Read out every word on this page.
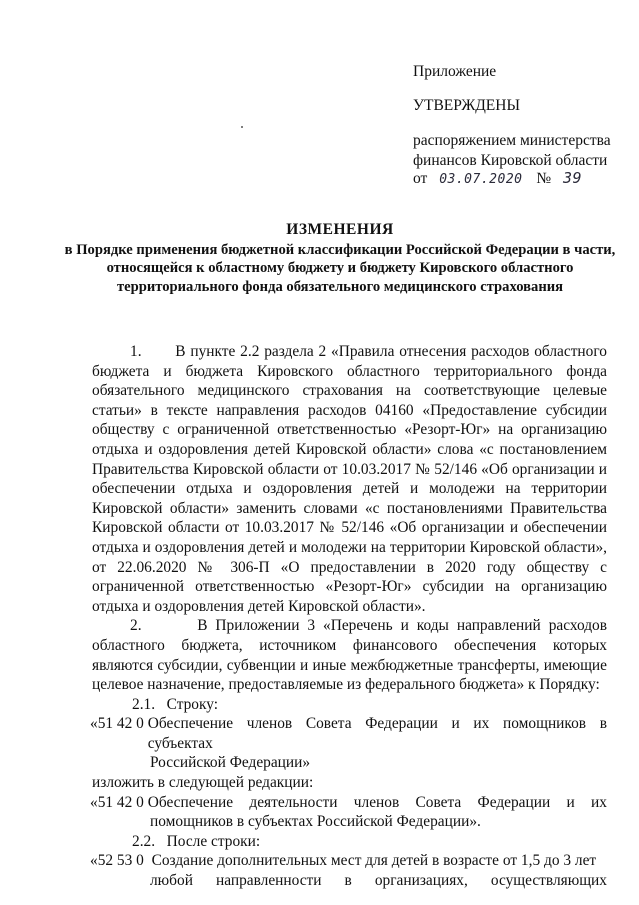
Приложение
УТВЕРЖДЕНЫ
распоряжением министерства
финансов Кировской области
от 03.07.2020 № 39
ИЗМЕНЕНИЯ
в Порядке применения бюджетной классификации Российской Федерации в части, относящейся к областному бюджету и бюджету Кировского областного территориального фонда обязательного медицинского страхования

1. В пункте 2.2 раздела 2 «Правила отнесения расходов областного бюджета и бюджета Кировского областного территориального фонда обязательного медицинского страхования на соответствующие целевые статьи» в тексте направления расходов 04160 «Предоставление субсидии обществу с ограниченной ответственностью «Резорт-Юг» на организацию отдыха и оздоровления детей Кировской области» слова «с постановлением Правительства Кировской области от 10.03.2017 № 52/146 «Об организации и обеспечении отдыха и оздоровления детей и молодежи на территории Кировской области» заменить словами «с постановлениями Правительства Кировской области от 10.03.2017 № 52/146 «Об организации и обеспечении отдыха и оздоровления детей и молодежи на территории Кировской области», от 22.06.2020 № 306-П «О предоставлении в 2020 году обществу с ограниченной ответственностью «Резорт-Юг» субсидии на организацию отдыха и оздоровления детей Кировской области».

2.	В Приложении 3 «Перечень и коды направлений расходов областного бюджета, источником финансового обеспечения которых являются субсидии, субвенции и иные межбюджетные трансферты, имеющие целевое назначение, предоставляемые из федерального бюджета» к Порядку:

2.1.   Строку:

«51 42 0 Обеспечение членов Совета Федерации и их помощников в субъектах

Российской Федерации»

изложить в следующей редакции:

«51 42 0 Обеспечение деятельности членов Совета Федерации и их

помощников в субъектах Российской Федерации».

2.2.   После строки:

«52 53 0 Создание дополнительных мест для детей в возрасте от 1,5 до 3 лет

любой направленности в организациях, осуществляющих
